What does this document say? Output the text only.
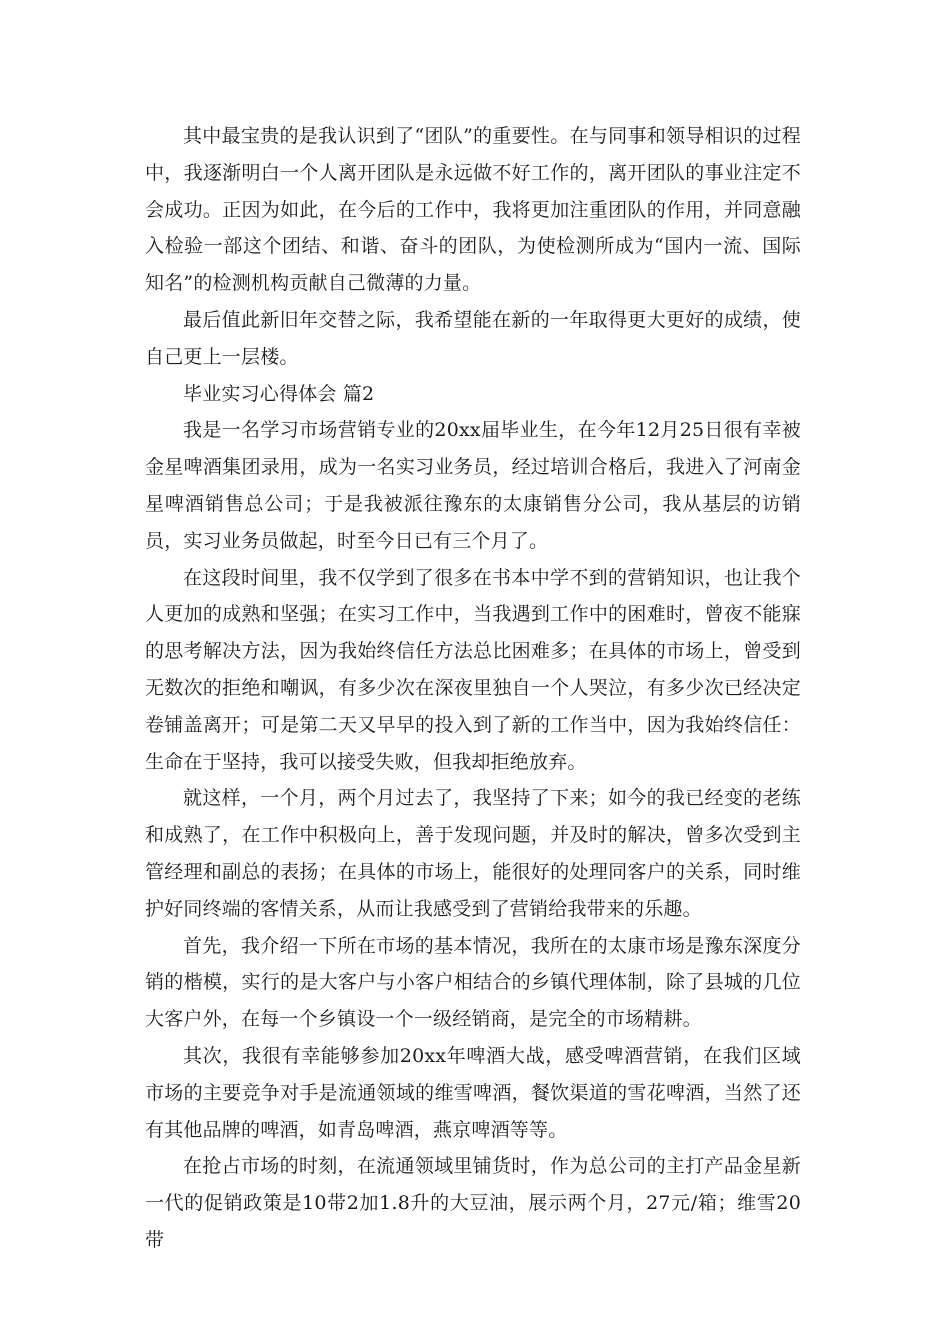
其中最宝贵的是我认识到了“团队”的重要性。在与同事和领导相识的过程中，我逐渐明白一个人离开团队是永远做不好工作的，离开团队的事业注定不会成功。正因为如此，在今后的工作中，我将更加注重团队的作用，并同意融入检验一部这个团结、和谐、奋斗的团队，为使检测所成为“国内一流、国际知名”的检测机构贡献自己微薄的力量。

最后值此新旧年交替之际，我希望能在新的一年取得更大更好的成绩，使自己更上一层楼。

毕业实习心得体会 篇2

我是一名学习市场营销专业的20xx届毕业生，在今年12月25日很有幸被金星啤酒集团录用，成为一名实习业务员，经过培训合格后，我进入了河南金星啤酒销售总公司；于是我被派往豫东的太康销售分公司，我从基层的访销员，实习业务员做起，时至今日已有三个月了。

在这段时间里，我不仅学到了很多在书本中学不到的营销知识，也让我个人更加的成熟和坚强；在实习工作中，当我遇到工作中的困难时，曾夜不能寐的思考解决方法，因为我始终信任方法总比困难多；在具体的市场上，曾受到无数次的拒绝和嘲讽，有多少次在深夜里独自一个人哭泣，有多少次已经决定卷铺盖离开；可是第二天又早早的投入到了新的工作当中，因为我始终信任：生命在于坚持，我可以接受失败，但我却拒绝放弃。

就这样，一个月，两个月过去了，我坚持了下来；如今的我已经变的老练和成熟了，在工作中积极向上，善于发现问题，并及时的解决，曾多次受到主管经理和副总的表扬；在具体的市场上，能很好的处理同客户的关系，同时维护好同终端的客情关系，从而让我感受到了营销给我带来的乐趣。

首先，我介绍一下所在市场的基本情况，我所在的太康市场是豫东深度分销的楷模，实行的是大客户与小客户相结合的乡镇代理体制，除了县城的几位大客户外，在每一个乡镇设一个一级经销商，是完全的市场精耕。

其次，我很有幸能够参加20xx年啤酒大战，感受啤酒营销，在我们区域市场的主要竞争对手是流通领域的维雪啤酒，餐饮渠道的雪花啤酒，当然了还有其他品牌的啤酒，如青岛啤酒，燕京啤酒等等。

在抢占市场的时刻，在流通领域里铺货时，作为总公司的主打产品金星新一代的促销政策是10带2加1.8升的大豆油，展示两个月，27元/箱；维雪20带
